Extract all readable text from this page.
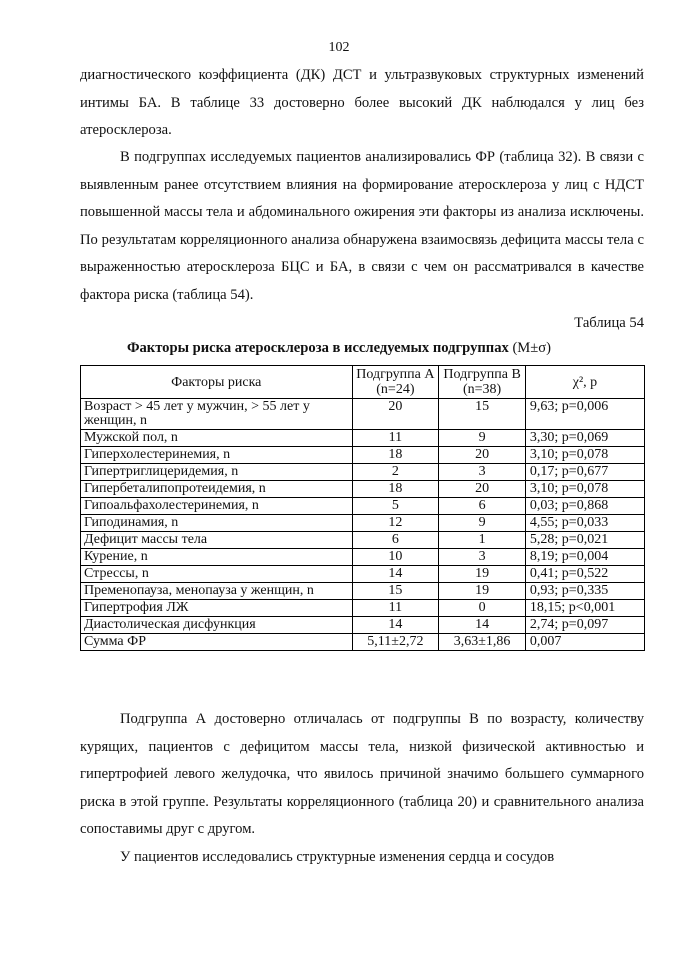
102

диагностического коэффициента (ДК) ДСТ и ультразвуковых структурных изменений интимы БА. В таблице 33 достоверно более высокий ДК наблюдался у лиц без атеросклероза.

В подгруппах исследуемых пациентов анализировались ФР (таблица 32). В связи с выявленным ранее отсутствием влияния на формирование атеросклероза у лиц с НДСТ повышенной массы тела и абдоминального ожирения эти факторы из анализа исключены. По результатам корреляционного анализа обнаружена взаимосвязь дефицита массы тела с выраженностью атеросклероза БЦС и БА, в связи с чем он рассматривался в качестве фактора риска (таблица 54).

Таблица 54
Факторы риска атеросклероза в исследуемых подгруппах (M±σ)
Факторы риска	Подгруппа А (n=24)	Подгруппа В (n=38)	χ², p
Возраст > 45 лет у мужчин, > 55 лет у женщин, n	20	15	9,63; p=0,006
Мужской пол, n	11	9	3,30; p=0,069
Гиперхолестеринемия, n	18	20	3,10; p=0,078
Гипертриглицеридемия, n	2	3	0,17; p=0,677
Гипербеталипопротеидемия, n	18	20	3,10; p=0,078
Гипоальфахолестеринемия, n	5	6	0,03; p=0,868
Гиподинамия, n	12	9	4,55; p=0,033
Дефицит массы тела	6	1	5,28; p=0,021
Курение, n	10	3	8,19; p=0,004
Стрессы, n	14	19	0,41; p=0,522
Пременопауза, менопауза у женщин, n	15	19	0,93; p=0,335
Гипертрофия ЛЖ	11	0	18,15; p<0,001
Диастолическая дисфункция	14	14	2,74; p=0,097
Сумма ФР	5,11±2,72	3,63±1,86	0,007

Подгруппа А достоверно отличалась от подгруппы В по возрасту, количеству курящих, пациентов с дефицитом массы тела, низкой физической активностью и гипертрофией левого желудочка, что явилось причиной значимо большего суммарного риска в этой группе. Результаты корреляционного (таблица 20) и сравнительного анализа сопоставимы друг с другом.

У пациентов исследовались структурные изменения сердца и сосудов
